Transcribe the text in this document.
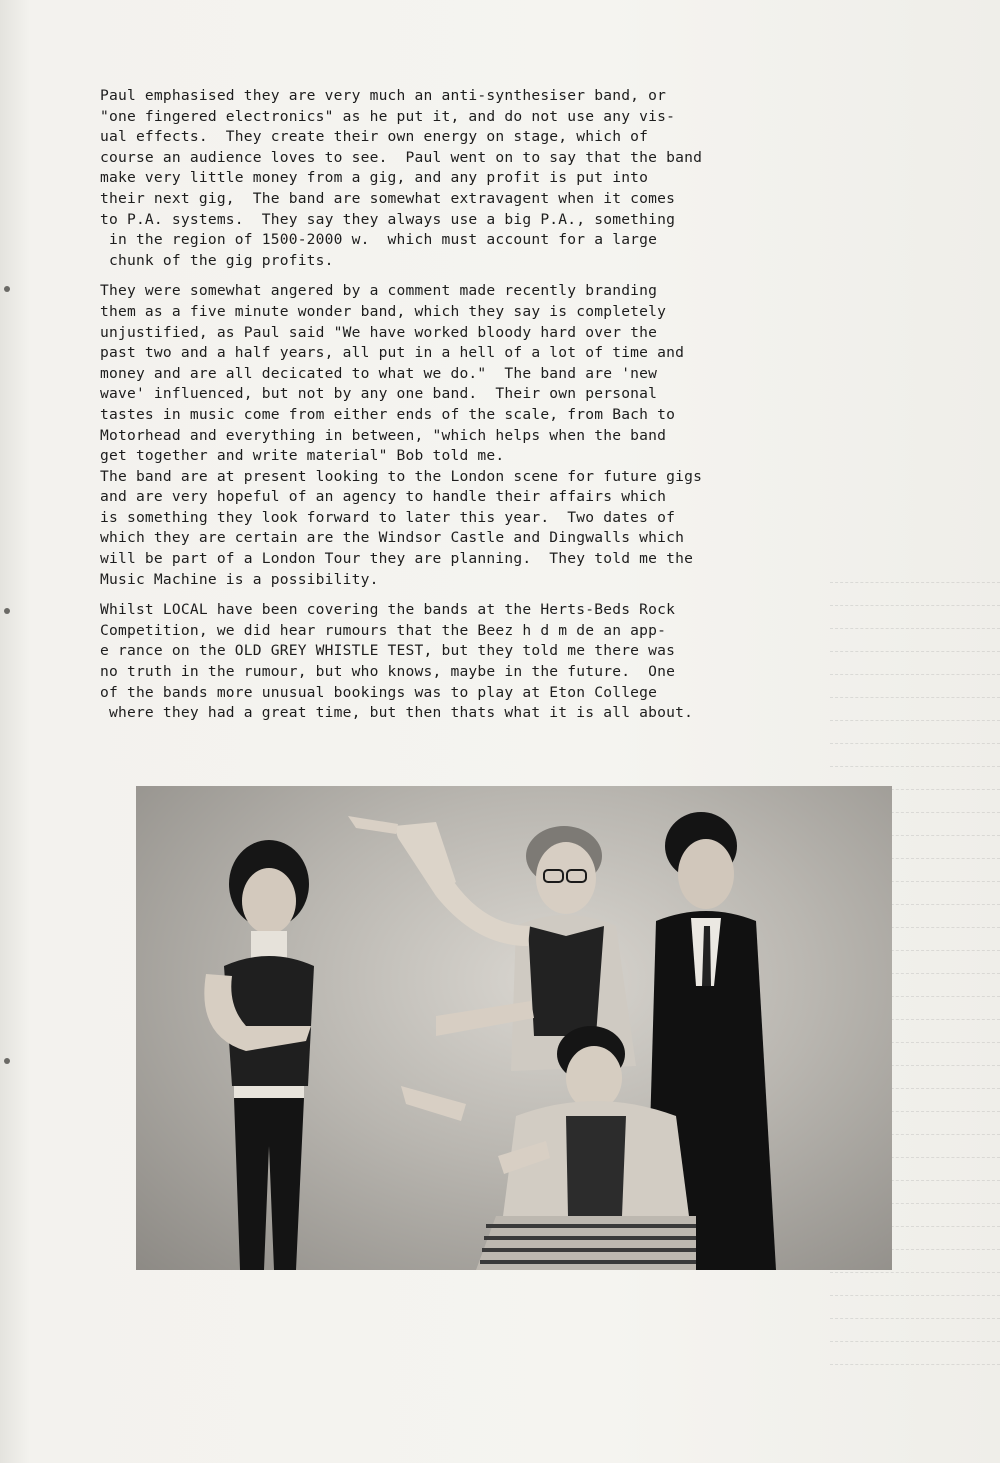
Paul emphasised they are very much an anti-synthesiser band, or
"one fingered electronics" as he put it, and do not use any vis-
ual effects.  They create their own energy on stage, which of
course an audience loves to see.  Paul went on to say that the band
make very little money from a gig, and any profit is put into
their next gig,  The band are somewhat extravagent when it comes
to P.A. systems.  They say they always use a big P.A., something
in the region of 1500-2000 w.  which must account for a large
chunk of the gig profits.
They were somewhat angered by a comment made recently branding
them as a five minute wonder band, which they say is completely
unjustified, as Paul said "We have worked bloody hard over the
past two and a half years, all put in a hell of a lot of time and
money and are all decicated to what we do."  The band are 'new
wave' influenced, but not by any one band.  Their own personal
tastes in music come from either ends of the scale, from Bach to
Motorhead and everything in between, "which helps when the band
get together and write material" Bob told me.
The band are at present looking to the London scene for future gigs
and are very hopeful of an agency to handle their affairs which
is something they look forward to later this year.  Two dates of
which they are certain are the Windsor Castle and Dingwalls which
will be part of a London Tour they are planning.  They told me the
Music Machine is a possibility.
Whilst LOCAL have been covering the bands at the Herts-Beds Rock
Competition, we did hear rumours that the Beez h d m de an app-
e rance on the OLD GREY WHISTLE TEST, but they told me there was
no truth in the rumour, but who knows, maybe in the future.  One
of the bands more unusual bookings was to play at Eton College
where they had a great time, but then thats what it is all about.
